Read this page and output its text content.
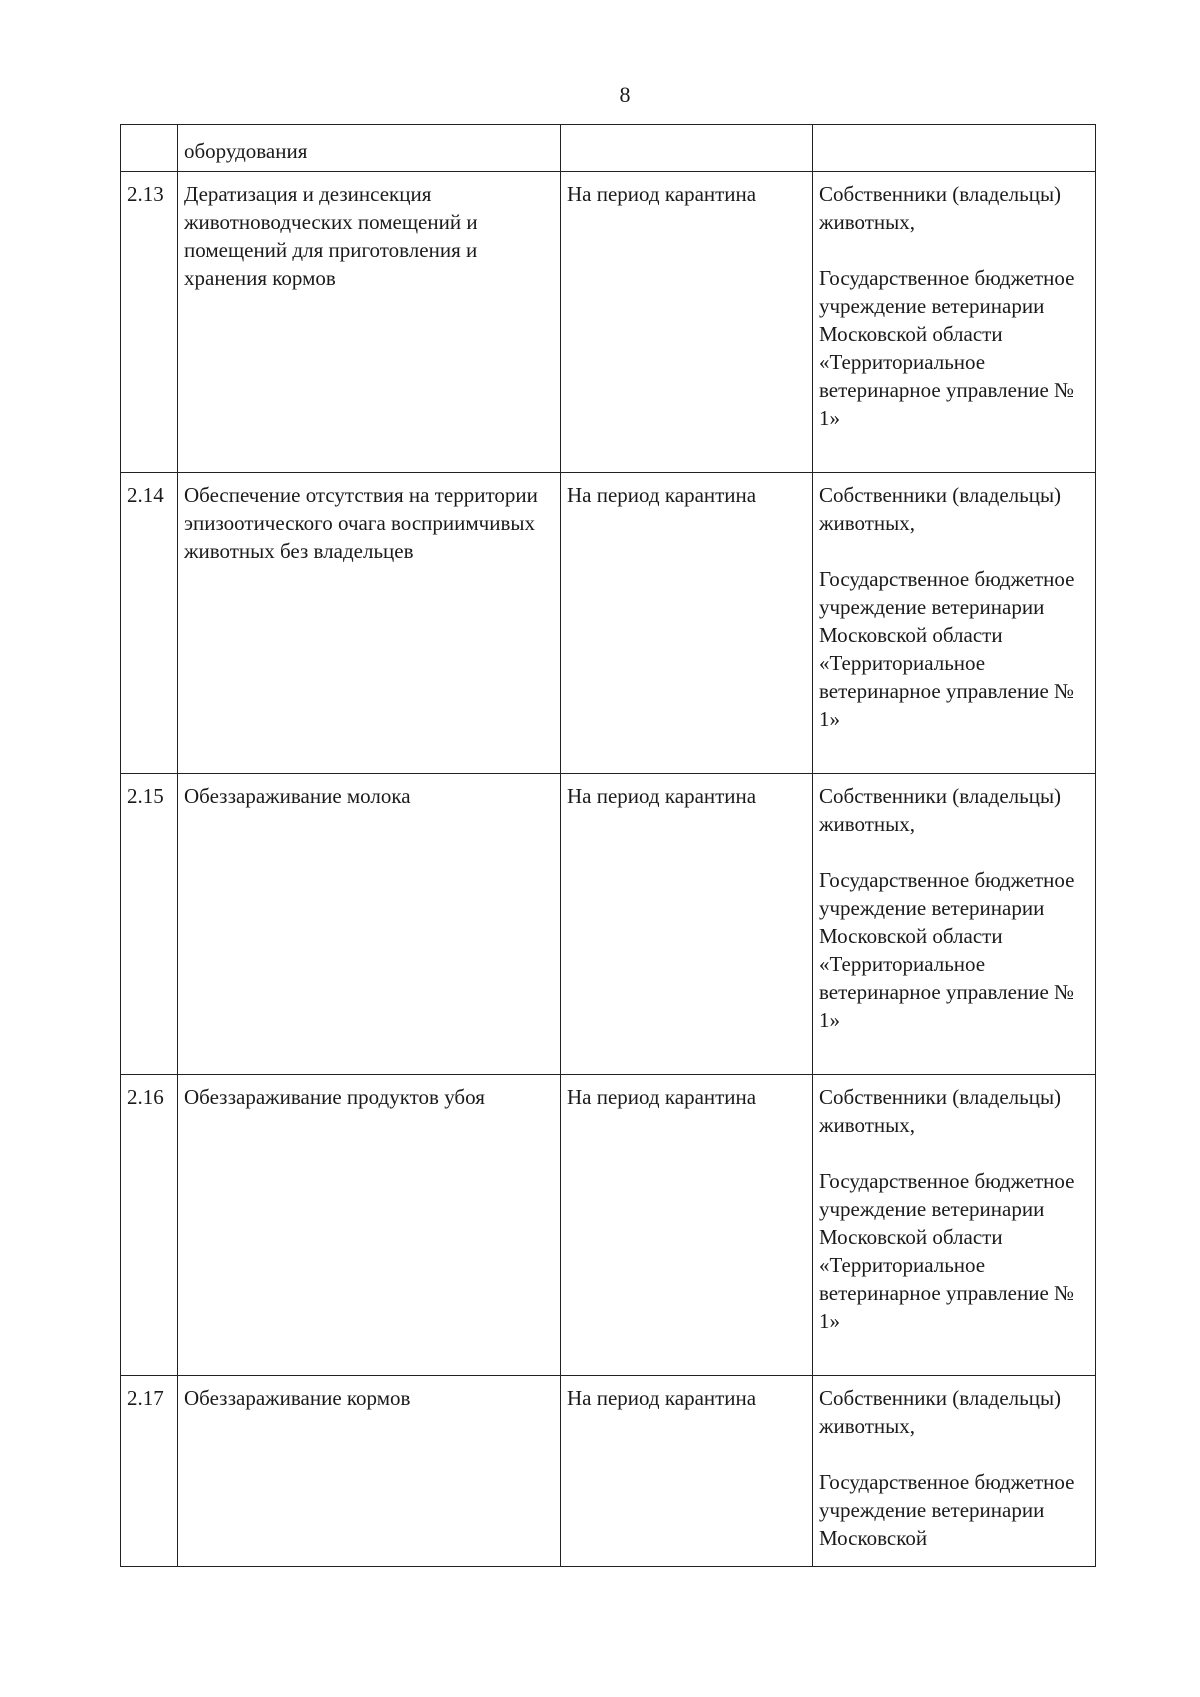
8
	оборудования		
2.13	Дератизация и дезинсекция животноводческих помещений и помещений для приготовления и хранения кормов	На период карантина	Собственники (владельцы) животных,

Государственное бюджетное учреждение ветеринарии Московской области «Территориальное ветеринарное управление № 1»

2.14	Обеспечение отсутствия на территории эпизоотического очага восприимчивых животных без владельцев	На период карантина	Собственники (владельцы) животных,

Государственное бюджетное учреждение ветеринарии Московской области «Территориальное ветеринарное управление № 1»

2.15	Обеззараживание молока	На период карантина	Собственники (владельцы) животных,

Государственное бюджетное учреждение ветеринарии Московской области «Территориальное ветеринарное управление № 1»

2.16	Обеззараживание продуктов убоя	На период карантина	Собственники (владельцы) животных,

Государственное бюджетное учреждение ветеринарии Московской области «Территориальное ветеринарное управление № 1»

2.17	Обеззараживание кормов	На период карантина	Собственники (владельцы) животных,

Государственное бюджетное учреждение ветеринарии Московской
